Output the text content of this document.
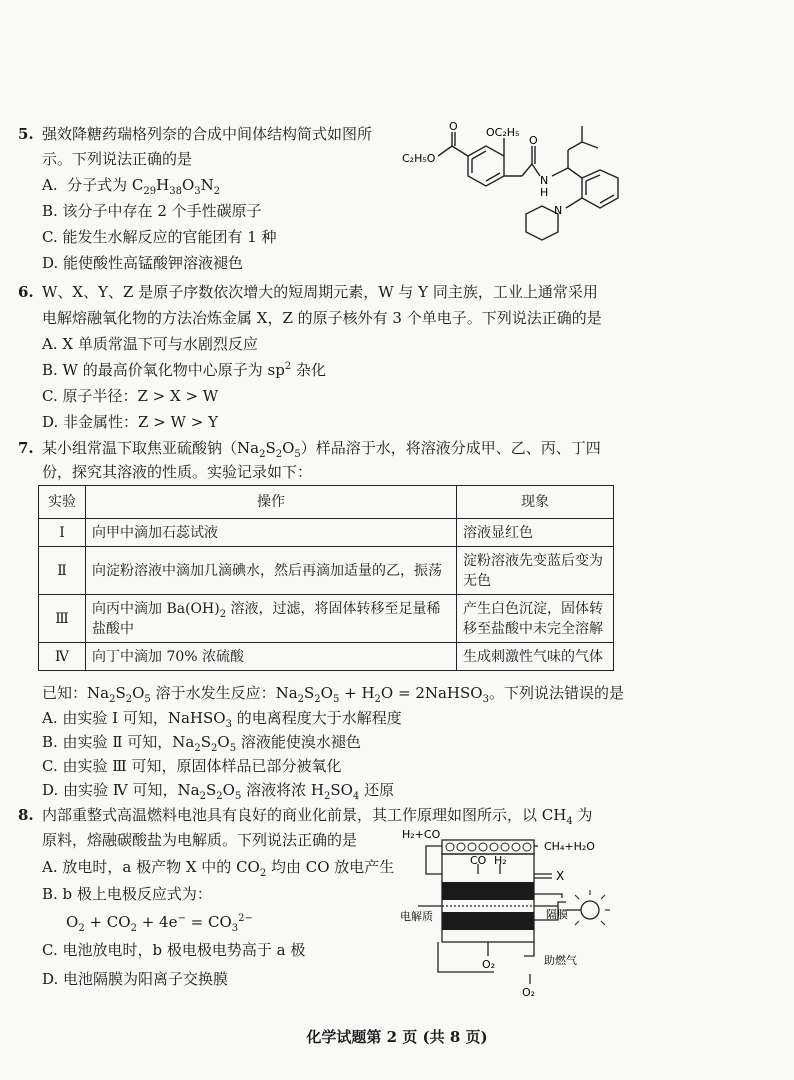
5. 强效降糖药瑞格列奈的合成中间体结构简式如图所
示。下列说法正确的是
A. 分子式为 $C_{29}H_{38}O_3N_2$
B. 该分子中存在 2 个手性碳原子
C. 能发生水解反应的官能团有 1 种
D. 能使酸性高锰酸钾溶液褪色
OC₂H₅
C₂H₅O
O
O
N
H
N
6. W、X、Y、Z 是原子序数依次增大的短周期元素，W 与 Y 同主族，工业上通常采用
电解熔融氧化物的方法冶炼金属 X，Z 的原子核外有 3 个单电子。下列说法正确的是
A. X 单质常温下可与水剧烈反应
B. W 的最高价氧化物中心原子为 $sp^2$ 杂化
C. 原子半径：Z > X > W
D. 非金属性：Z > W > Y
7. 某小组常温下取焦亚硫酸钠$(Na_2S_2O_5)$样品溶于水，将溶液分成甲、乙、丙、丁四
份，探究其溶液的性质。实验记录如下：
实验	操作	现象
Ⅰ	向甲中滴加石蕊试液	溶液显红色
Ⅱ	向淀粉溶液中滴加几滴碘水，然后再滴加适量的乙，振荡	淀粉溶液先变蓝后变为无色
Ⅲ	向丙中滴加 $Ba(OH)_2$ 溶液，过滤，将固体转移至足量稀盐酸中	产生白色沉淀，固体转移至盐酸中未完全溶解
Ⅳ	向丁中滴加 70% 浓硫酸	生成刺激性气味的气体
已知：$Na_2S_2O_5$ 溶于水发生反应：$Na_2S_2O_5 + H_2O$ = 2NaHSO$_3$。下列说法错误的是
A. 由实验 Ⅰ 可知，NaHSO$_3$ 的电离程度大于水解程度
B. 由实验 Ⅱ 可知，$Na_2S_2O_5$ 溶液能使溴水褪色
C. 由实验 Ⅲ 可知，原固体样品已部分被氧化
D. 由实验 Ⅳ 可知，$Na_2S_2O_5$ 溶液将浓 $H_2SO_4$ 还原
8. 内部重整式高温燃料电池具有良好的商业化前景，其工作原理如图所示，以 $CH_4$ 为
原料，熔融碳酸盐为电解质。下列说法正确的是
A. 放电时，a 极产物 X 中的 $CO_2$ 均由 CO 放电产生
B. b 极上电极反应式为：
$O_2 + CO_2 + 4e^- = CO_3^{2-}$
C. 电池放电时，b 极电极电势高于 a 极
D. 电池隔膜为阳离子交换膜
H₂+CO
CH₄+H₂O
CO H₂
X
电解质	隔膜
O₂	助燃气
O₂
化学试题第 2 页 (共 8 页)
